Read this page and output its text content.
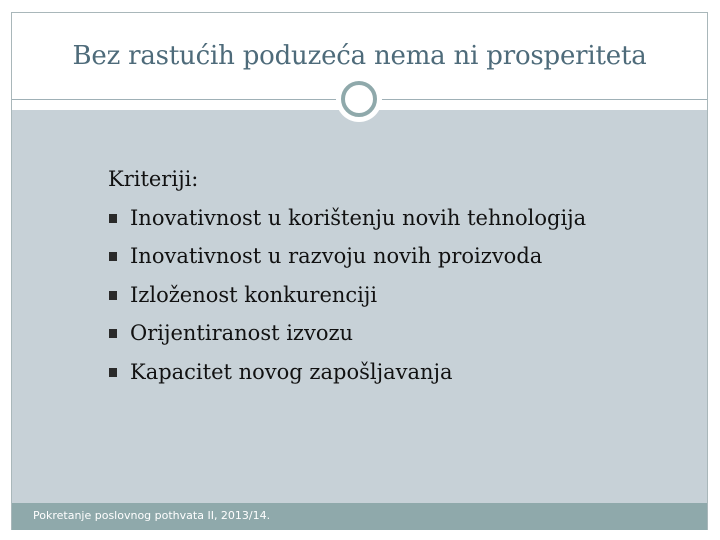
Bez rastućih poduzeća nema ni prosperiteta

Kriteriji:

Inovativnost u korištenju novih tehnologija
Inovativnost u razvoju novih proizvoda
Izloženost konkurenciji
Orijentiranost izvozu
Kapacitet novog zapošljavanja
Pokretanje poslovnog pothvata II, 2013/14.
